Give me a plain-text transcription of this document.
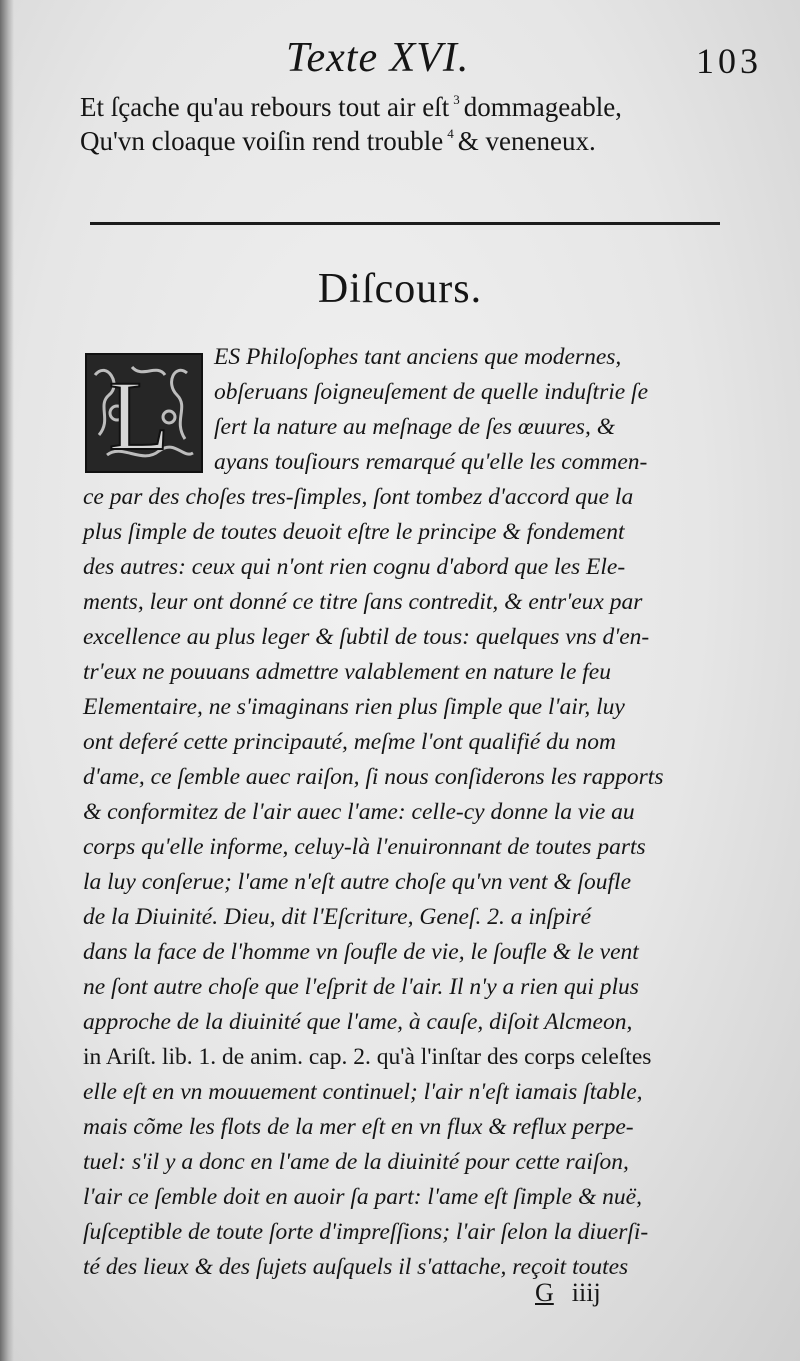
Texte XVI.	103
Et ſçache qu'au rebours tout air eſt $^3$ dommageable,
Qu'vn cloaque voiſin rend trouble $^4$ & veneneux.
Diſcours.
L
ES Philoſophes tant anciens que modernes,
obſeruans ſoigneuſement de quelle induſtrie ſe
ſert la nature au meſnage de ſes œuures, &
ayans touſiours remarqué qu'elle les commen-
ce par des choſes tres-ſimples, ſont tombez d'accord que la
plus ſimple de toutes deuoit eſtre le principe & fondement
des autres: ceux qui n'ont rien cognu d'abord que les Ele-
ments, leur ont donné ce titre ſans contredit, & entr'eux par
excellence au plus leger & ſubtil de tous: quelques vns d'en-
tr'eux ne pouuans admettre valablement en nature le feu
Elementaire, ne s'imaginans rien plus ſimple que l'air, luy
ont deferé cette principauté, meſme l'ont qualifié du nom
d'ame, ce ſemble auec raiſon, ſi nous conſiderons les rapports
& conformitez de l'air auec l'ame: celle-cy donne la vie au
corps qu'elle informe, celuy-là l'enuironnant de toutes parts
la luy conſerue; l'ame n'eſt autre choſe qu'vn vent & ſoufle
de la Diuinité. Dieu, dit l'Eſcriture, Geneſ. 2. a inſpiré
dans la face de l'homme vn ſoufle de vie, le ſoufle & le vent
ne ſont autre choſe que l'eſprit de l'air. Il n'y a rien qui plus
approche de la diuinité que l'ame, à cauſe, diſoit Alcmeon,
in Ariſt. lib. 1. de anim. cap. 2. qu'à l'inſtar des corps celeſtes
elle eſt en vn mouuement continuel; l'air n'eſt iamais ſtable,
mais cõme les flots de la mer eſt en vn flux & reflux perpe-
tuel: s'il y a donc en l'ame de la diuinité pour cette raiſon,
l'air ce ſemble doit en auoir ſa part: l'ame eſt ſimple & nuë,
ſuſceptible de toute ſorte d'impreſſions; l'air ſelon la diuerſi-
té des lieux & des ſujets auſquels il s'attache, reçoit toutes
G iiij
